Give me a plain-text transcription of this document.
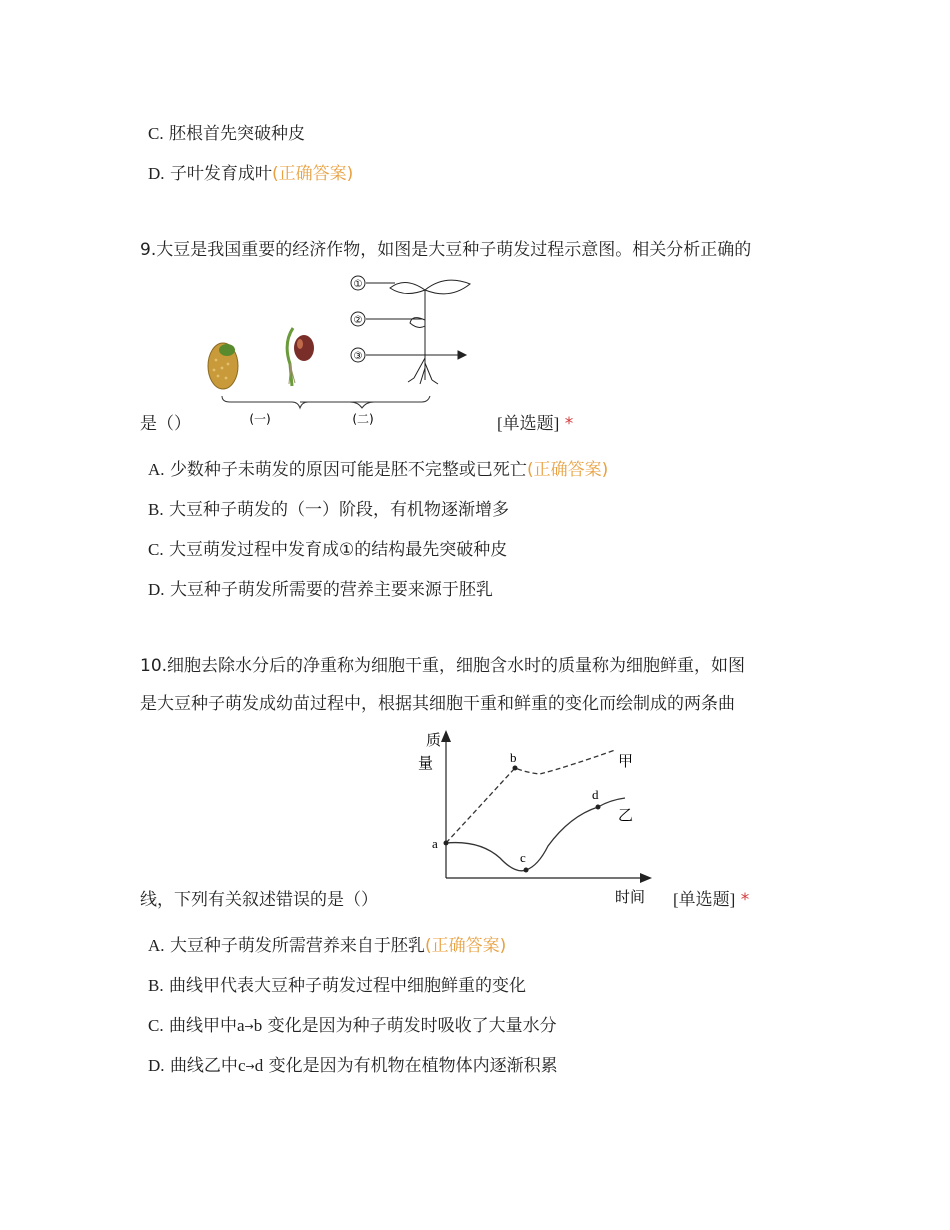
C. 胚根首先突破种皮
D. 子叶发育成叶(正确答案)
9.大豆是我国重要的经济作物，如图是大豆种子萌发过程示意图。相关分析正确的
①
②
③
(一)	(二)
是（）	[单选题] *
A. 少数种子未萌发的原因可能是胚不完整或已死亡(正确答案)
B. 大豆种子萌发的（一）阶段，有机物逐渐增多
C. 大豆萌发过程中发育成①的结构最先突破种皮
D. 大豆种子萌发所需要的营养主要来源于胚乳
10.细胞去除水分后的净重称为细胞干重，细胞含水时的质量称为细胞鲜重，如图
是大豆种子萌发成幼苗过程中，根据其细胞干重和鲜重的变化而绘制成的两条曲
质
量
时间
a
b
c
d
甲
乙
线，下列有关叙述错误的是（）	[单选题] *
A. 大豆种子萌发所需营养来自于胚乳(正确答案)
B. 曲线甲代表大豆种子萌发过程中细胞鲜重的变化
C. 曲线甲中a→b 变化是因为种子萌发时吸收了大量水分
D. 曲线乙中c→d 变化是因为有机物在植物体内逐渐积累
